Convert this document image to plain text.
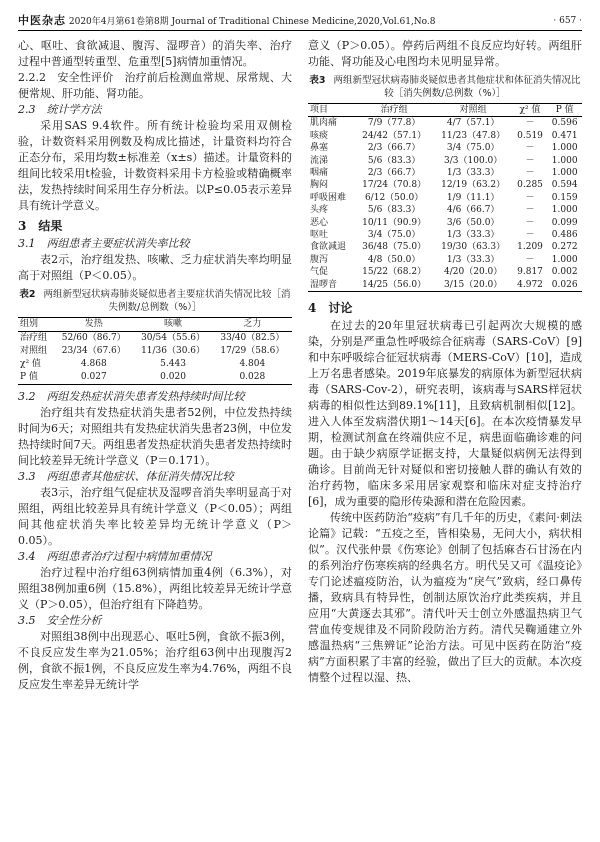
中医杂志 2020年4月第61卷第8期 Journal of Traditional Chinese Medicine,2020,Vol.61,No.8	· 657 ·

心、呕吐、食欲减退、腹泻、湿啰音）的消失率、治疗过程中普通型转重型、危重型[5]病情加重情况。

2.2.2　安全性评价　治疗前后检测血常规、尿常规、大便常规、肝功能、肾功能。

2.3　统计学方法

采用SAS 9.4软件。所有统计检验均采用双侧检验，计数资料采用例数及构成比描述，计量资料均符合正态分布，采用均数±标准差（x±s）描述。计量资料的组间比较采用t检验，计数资料采用卡方检验或精确概率法，发热持续时间采用生存分析法。以P≤0.05表示差异具有统计学意义。

3　结果

3.1　两组患者主要症状消失率比较

表2示，治疗组发热、咳嗽、乏力症状消失率均明显高于对照组（P＜0.05）。

表2 两组新型冠状病毒肺炎疑似患者主要症状消失情况比较［消失例数/总例数（%）］
组别	发热	咳嗽	乏力
治疗组	52/60（86.7）	30/54（55.6）	33/40（82.5）
对照组	23/34（67.6）	11/36（30.6）	17/29（58.6）
χ² 值	4.868	5.443	4.804
P 值	0.027	0.020	0.028

3.2　两组发热症状消失患者发热持续时间比较

治疗组共有发热症状消失患者52例，中位发热持续时间为6天；对照组共有发热症状消失患者23例，中位发热持续时间7天。两组患者发热症状消失患者发热持续时间比较差异无统计学意义（P＝0.171）。

3.3　两组患者其他症状、体征消失情况比较

表3示，治疗组气促症状及湿啰音消失率明显高于对照组，两组比较差异具有统计学意义（P＜0.05）；两组间其他症状消失率比较差异均无统计学意义（P＞0.05）。

3.4　两组患者治疗过程中病情加重情况

治疗过程中治疗组63例病情加重4例（6.3%），对照组38例加重6例（15.8%），两组比较差异无统计学意义（P＞0.05），但治疗组有下降趋势。

3.5　安全性分析

对照组38例中出现恶心、呕吐5例，食欲不振3例，不良反应发生率为21.05%；治疗组63例中出现腹泻2例，食欲不振1例，不良反应发生率为4.76%，两组不良反应发生率差异无统计学

意义（P＞0.05）。停药后两组不良反应均好转。两组肝功能、肾功能及心电图均未见明显异常。

表3 两组新型冠状病毒肺炎疑似患者其他症状和体征消失情况比较［消失例数/总例数（%）］
项目	治疗组	对照组	χ² 值	P 值
肌肉痛	7/9（77.8）	4/7（57.1）	－	0.596
咳痰	24/42（57.1）	11/23（47.8）	0.519	0.471
鼻塞	2/3（66.7）	3/4（75.0）	－	1.000
流涕	5/6（83.3）	3/3（100.0）	－	1.000
咽痛	2/3（66.7）	1/3（33.3）	－	1.000
胸闷	17/24（70.8）	12/19（63.2）	0.285	0.594
呼吸困难	6/12（50.0）	1/9（11.1）	－	0.159
头疼	5/6（83.3）	4/6（66.7）	－	1.000
恶心	10/11（90.9）	3/6（50.0）	－	0.099
呕吐	3/4（75.0）	1/3（33.3）	－	0.486
食欲减退	36/48（75.0）	19/30（63.3）	1.209	0.272
腹泻	4/8（50.0）	1/3（33.3）	－	1.000
气促	15/22（68.2）	4/20（20.0）	9.817	0.002
湿啰音	14/25（56.0）	3/15（20.0）	4.972	0.026

4　讨论

在过去的20年里冠状病毒已引起两次大规模的感染，分别是严重急性呼吸综合征病毒（SARS-CoV）[9]和中东呼吸综合征冠状病毒（MERS-CoV）[10]，造成上万名患者感染。2019年底暴发的病原体为新型冠状病毒（SARS-Cov-2），研究表明，该病毒与SARS样冠状病毒的相似性达到89.1%[11]，且致病机制相似[12]。进入人体至发病潜伏期1～14天[6]。在本次疫情暴发早期，检测试剂盒在终端供应不足，病患面临确诊难的问题。由于缺少病原学证据支持，大量疑似病例无法得到确诊。目前尚无针对疑似和密切接触人群的确认有效的治疗药物，临床多采用居家观察和临床对症支持治疗[6]，成为重要的隐形传染源和潜在危险因素。

传统中医药防治“疫病”有几千年的历史，《素问·刺法论篇》记载：“五疫之至，皆相染易，无问大小，病状相似”。汉代张仲景《伤寒论》创制了包括麻杏石甘汤在内的系列治疗伤寒疾病的经典名方。明代吴又可《温疫论》专门论述瘟疫防治，认为瘟疫为“戾气”致病，经口鼻传播，致病具有特异性，创制达原饮治疗此类疾病，并且应用“大黄逐去其邪”。清代叶天士创立外感温热病卫气营血传变规律及不同阶段防治方药。清代吴鞠通建立外感温热病“三焦辨证”论治方法。可见中医药在防治“疫病”方面积累了丰富的经验，做出了巨大的贡献。本次疫情整个过程以湿、热、
